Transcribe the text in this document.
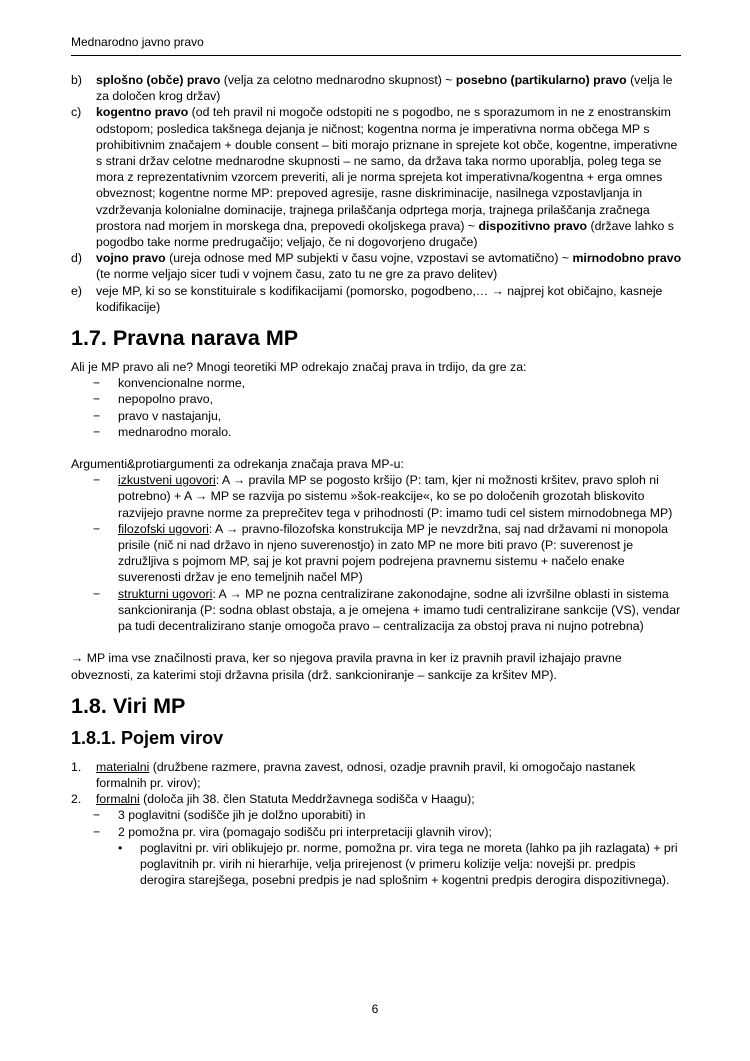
Mednarodno javno pravo
b)	splošno (obče) pravo (velja za celotno mednarodno skupnost) ~ posebno (partikularno) pravo (velja le za določen krog držav)
c)	kogentno pravo (od teh pravil ni mogoče odstopiti ne s pogodbo, ne s sporazumom in ne z enostranskim odstopom; posledica takšnega dejanja je ničnost; kogentna norma je imperativna norma občega MP s prohibitivnim značajem + double consent – biti morajo priznane in sprejete kot obče, kogentne, imperativne s strani držav celotne mednarodne skupnosti – ne samo, da država taka normo uporablja, poleg tega se mora z reprezentativnim vzorcem preveriti, ali je norma sprejeta kot imperativna/kogentna + erga omnes obveznost; kogentne norme MP: prepoved agresije, rasne diskriminacije, nasilnega vzpostavljanja in vzdrževanja kolonialne dominacije, trajnega prilaščanja odprtega morja, trajnega prilaščanja zračnega prostora nad morjem in morskega dna, prepovedi okoljskega prava) ~ dispozitivno pravo (države lahko s pogodbo take norme predrugačijo; veljajo, če ni dogovorjeno drugače)
d)	vojno pravo (ureja odnose med MP subjekti v času vojne, vzpostavi se avtomatično) ~ mirnodobno pravo (te norme veljajo sicer tudi v vojnem času, zato tu ne gre za pravo delitev)
e)	veje MP, ki so se konstituirale s kodifikacijami (pomorsko, pogodbeno,… → najprej kot običajno, kasneje kodifikacije)
1.7. Pravna narava MP

Ali je MP pravo ali ne? Mnogi teoretiki MP odrekajo značaj prava in trdijo, da gre za:

−	konvencionalne norme,
−	nepopolno pravo,
−	pravo v nastajanju,
−	mednarodno moralo.

Argumenti&protiargumenti za odrekanja značaja prava MP-u:

−	izkustveni ugovori: A → pravila MP se pogosto kršijo (P: tam, kjer ni možnosti kršitev, pravo sploh ni potrebno) + A → MP se razvija po sistemu »šok-reakcije«, ko se po določenih grozotah bliskovito razvijejo pravne norme za preprečitev tega v prihodnosti (P: imamo tudi cel sistem mirnodobnega MP)
−	filozofski ugovori: A → pravno-filozofska konstrukcija MP je nevzdržna, saj nad državami ni monopola prisile (nič ni nad državo in njeno suverenostjo) in zato MP ne more biti pravo (P: suverenost je združljiva s pojmom MP, saj je kot pravni pojem podrejena pravnemu sistemu + načelo enake suverenosti držav je eno temeljnih načel MP)
−	strukturni ugovori: A → MP ne pozna centralizirane zakonodajne, sodne ali izvršilne oblasti in sistema sankcioniranja (P: sodna oblast obstaja, a je omejena + imamo tudi centralizirane sankcije (VS), vendar pa tudi decentralizirano stanje omogoča pravo – centralizacija za obstoj prava ni nujno potrebna)

→ MP ima vse značilnosti prava, ker so njegova pravila pravna in ker iz pravnih pravil izhajajo pravne obveznosti, za katerimi stoji državna prisila (drž. sankcioniranje – sankcije za kršitev MP).

1.8. Viri MP
1.8.1. Pojem virov
1.	materialni (družbene razmere, pravna zavest, odnosi, ozadje pravnih pravil, ki omogočajo nastanek formalnih pr. virov);
2.	formalni (določa jih 38. člen Statuta Meddržavnega sodišča v Haagu);
−	3 poglavitni (sodišče jih je dolžno uporabiti) in
−	2 pomožna pr. vira (pomagajo sodišču pri interpretaciji glavnih virov);
•	poglavitni pr. viri oblikujejo pr. norme, pomožna pr. vira tega ne moreta (lahko pa jih razlagata) + pri poglavitnih pr. virih ni hierarhije, velja prirejenost (v primeru kolizije velja: novejši pr. predpis derogira starejšega, posebni predpis je nad splošnim + kogentni predpis derogira dispozitivnega).
6
